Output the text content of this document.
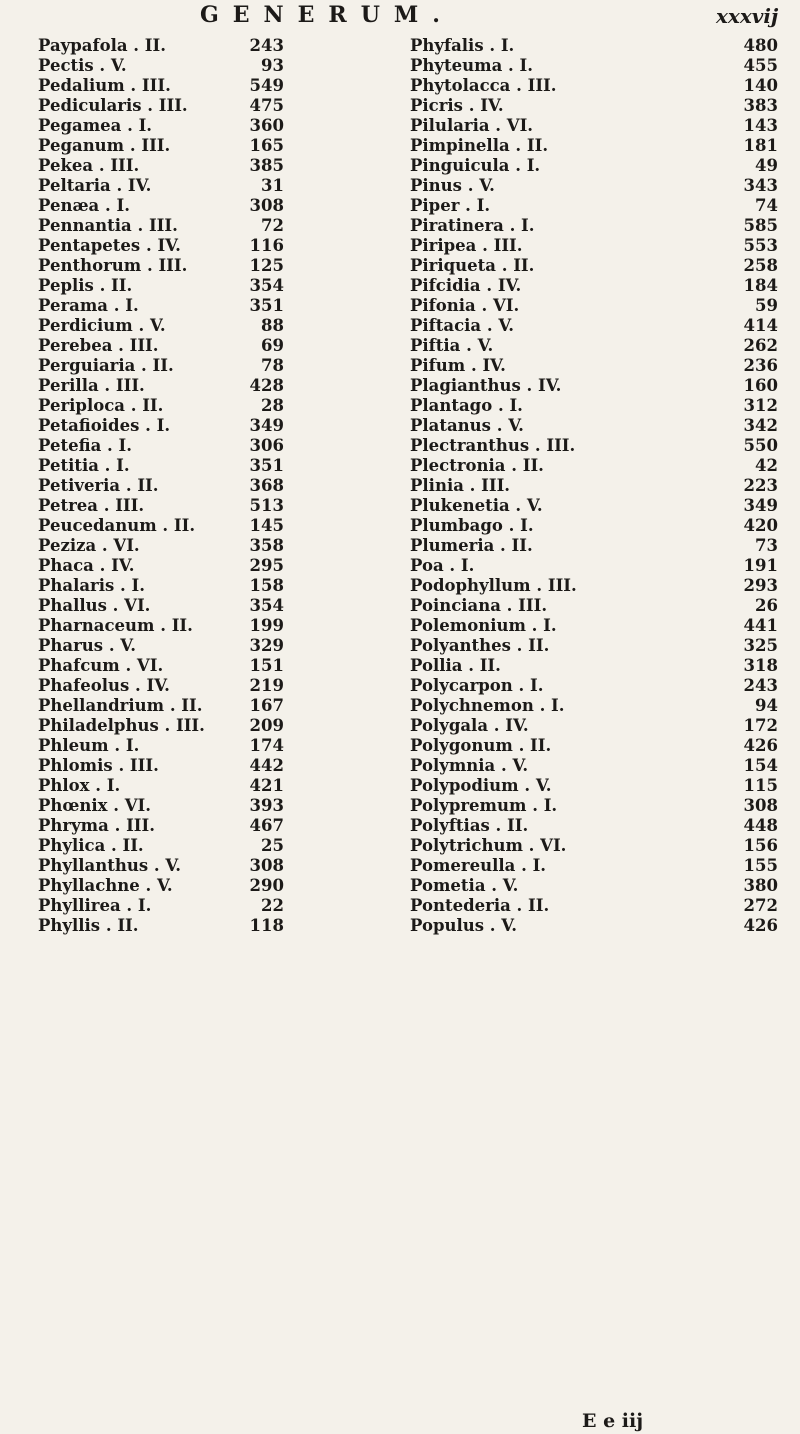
GENERUM.	xxxvij
Paypafola . II.	243
Pectis . V.	93
Pedalium . III.	549
Pedicularis . III.	475
Pegamea . I.	360
Peganum . III.	165
Pekea . III.	385
Peltaria . IV.	31
Penæa . I.	308
Pennantia . III.	72
Pentapetes . IV.	116
Penthorum . III.	125
Peplis . II.	354
Perama . I.	351
Perdicium . V.	88
Perebea . III.	69
Perguiaria . II.	78
Perilla . III.	428
Periploca . II.	28
Petafioides . I.	349
Petefia . I.	306
Petitia . I.	351
Petiveria . II.	368
Petrea . III.	513
Peucedanum . II.	145
Peziza . VI.	358
Phaca . IV.	295
Phalaris . I.	158
Phallus . VI.	354
Pharnaceum . II.	199
Pharus . V.	329
Phafcum . VI.	151
Phafeolus . IV.	219
Phellandrium . II.	167
Philadelphus . III.	209
Phleum . I.	174
Phlomis . III.	442
Phlox . I.	421
Phœnix . VI.	393
Phryma . III.	467
Phylica . II.	25
Phyllanthus . V.	308
Phyllachne . V.	290
Phyllirea . I.	22
Phyllis . II.	118
Phyfalis . I.	480
Phyteuma . I.	455
Phytolacca . III.	140
Picris . IV.	383
Pilularia . VI.	143
Pimpinella . II.	181
Pinguicula . I.	49
Pinus . V.	343
Piper . I.	74
Piratinera . I.	585
Piripea . III.	553
Piriqueta . II.	258
Pifcidia . IV.	184
Pifonia . VI.	59
Piftacia . V.	414
Piftia . V.	262
Pifum . IV.	236
Plagianthus . IV.	160
Plantago . I.	312
Platanus . V.	342
Plectranthus . III.	550
Plectronia . II.	42
Plinia . III.	223
Plukenetia . V.	349
Plumbago . I.	420
Plumeria . II.	73
Poa . I.	191
Podophyllum . III.	293
Poinciana . III.	26
Polemonium . I.	441
Polyanthes . II.	325
Pollia . II.	318
Polycarpon . I.	243
Polychnemon . I.	94
Polygala . IV.	172
Polygonum . II.	426
Polymnia . V.	154
Polypodium . V.	115
Polypremum . I.	308
Polyftias . II.	448
Polytrichum . VI.	156
Pomereulla . I.	155
Pometia . V.	380
Pontederia . II.	272
Populus . V.	426
E e iij
